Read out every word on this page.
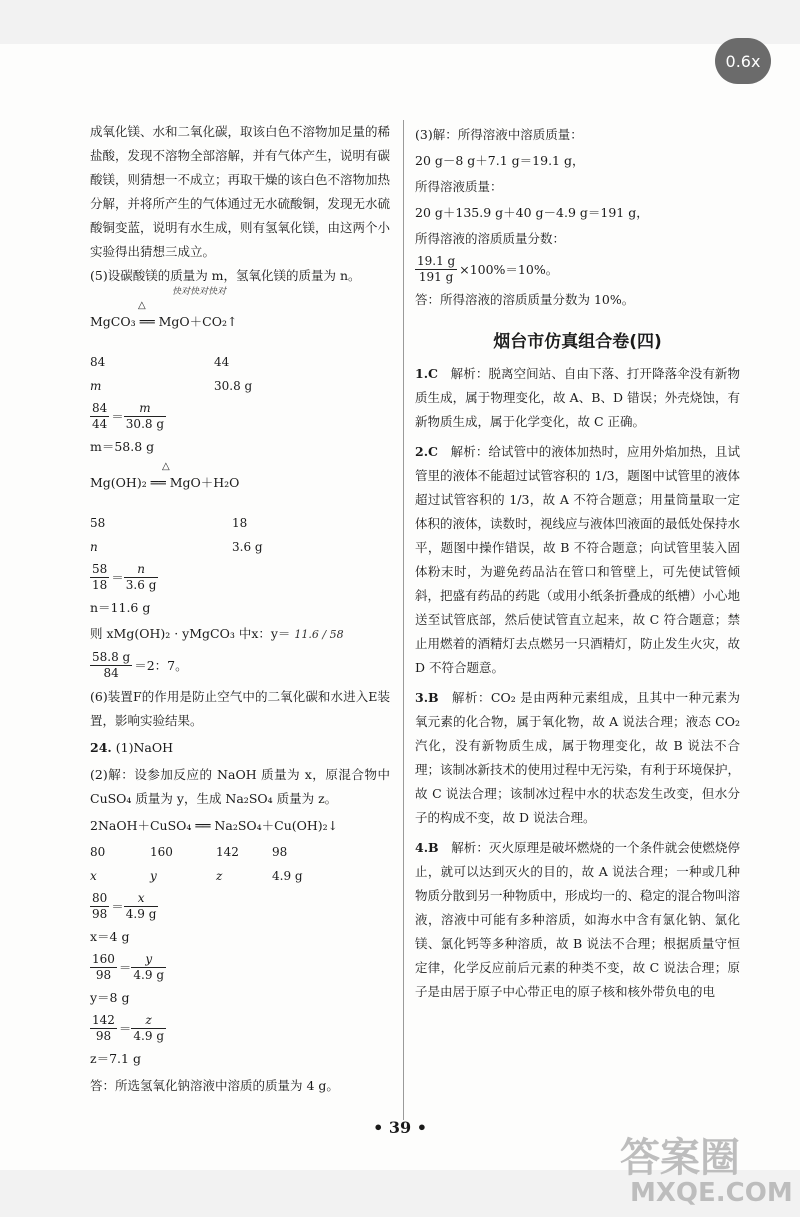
0.6x

成氧化镁、水和二氧化碳，取该白色不溶物加足量的稀盐酸，发现不溶物全部溶解，并有气体产生，说明有碳酸镁，则猜想一不成立；再取干燥的该白色不溶物加热分解，并将所产生的气体通过无水硫酸铜，发现无水硫酸铜变蓝，说明有水生成，则有氢氧化镁，由这两个小实验得出猜想三成立。

(5)设碳酸镁的质量为 m，氢氧化镁的质量为 n。

快对快对快对
△
MgCO₃ ══ MgO＋CO₂↑
84	44
m	30.8 g
$\frac{84}{44} = \frac{m}{30.8 g}$
m＝58.8 g
△
Mg(OH)₂ ══ MgO＋H₂O
58	18
n	3.6 g
$\frac{58}{18} = \frac{n}{3.6 g}$
n＝11.6 g
则 xMg(OH)₂ · yMgCO₃ 中x：y＝ 11.6 / 58
$\frac{58.8 g}{84} =2$：7。

(6)装置F的作用是防止空气中的二氧化碳和水进入E装置，影响实验结果。

24. (1)NaOH

(2)解：设参加反应的 NaOH 质量为 x，原混合物中 CuSO₄ 质量为 y，生成 Na₂SO₄ 质量为 z。

2NaOH＋CuSO₄ ══ Na₂SO₄＋Cu(OH)₂↓
80	160	142	98
x	y	z	4.9 g
$\frac{80}{98} = \frac{x}{4.9 g}$
x＝4 g
$\frac{160}{98} = \frac{y}{4.9 g}$
y＝8 g
$\frac{142}{98} = \frac{z}{4.9 g}$
z＝7.1 g

答：所选氢氧化钠溶液中溶质的质量为 4 g。

(3)解：所得溶液中溶质质量：
20 g－8 g＋7.1 g＝19.1 g，
所得溶液质量：
20 g＋135.9 g＋40 g－4.9 g＝191 g，
所得溶液的溶质质量分数：
$\frac{19.1 g}{191 g} \times 100\%=10\%$。
答：所得溶液的溶质质量分数为 10%。
烟台市仿真组合卷(四)

1.C　 解析：脱离空间站、自由下落、打开降落伞没有新物质生成，属于物理变化，故 A、B、D 错误；外壳烧蚀，有新物质生成，属于化学变化，故 C 正确。

2.C　 解析：给试管中的液体加热时，应用外焰加热，且试管里的液体不能超过试管容积的 1/3，题图中试管里的液体超过试管容积的 1/3，故 A 不符合题意；用量筒量取一定体积的液体，读数时，视线应与液体凹液面的最低处保持水平，题图中操作错误，故 B 不符合题意；向试管里装入固体粉末时，为避免药品沾在管口和管壁上，可先使试管倾斜，把盛有药品的药匙（或用小纸条折叠成的纸槽）小心地送至试管底部，然后使试管直立起来，故 C 符合题意；禁止用燃着的酒精灯去点燃另一只酒精灯，防止发生火灾，故 D 不符合题意。

3.B　 解析：CO₂ 是由两种元素组成，且其中一种元素为氧元素的化合物，属于氧化物，故 A 说法合理；液态 CO₂ 汽化，没有新物质生成，属于物理变化，故 B 说法不合理；该制冰新技术的使用过程中无污染，有利于环境保护，故 C 说法合理；该制冰过程中水的状态发生改变，但水分子的构成不变，故 D 说法合理。

4.B　 解析：灭火原理是破坏燃烧的一个条件就会使燃烧停止，就可以达到灭火的目的，故 A 说法合理；一种或几种物质分散到另一种物质中，形成均一的、稳定的混合物叫溶液，溶液中可能有多种溶质，如海水中含有氯化钠、氯化镁、氯化钙等多种溶质，故 B 说法不合理；根据质量守恒定律，化学反应前后元素的种类不变，故 C 说法合理；原子是由居于原子中心带正电的原子核和核外带负电的电

• 39 •
答案圈
MXQE.COM
